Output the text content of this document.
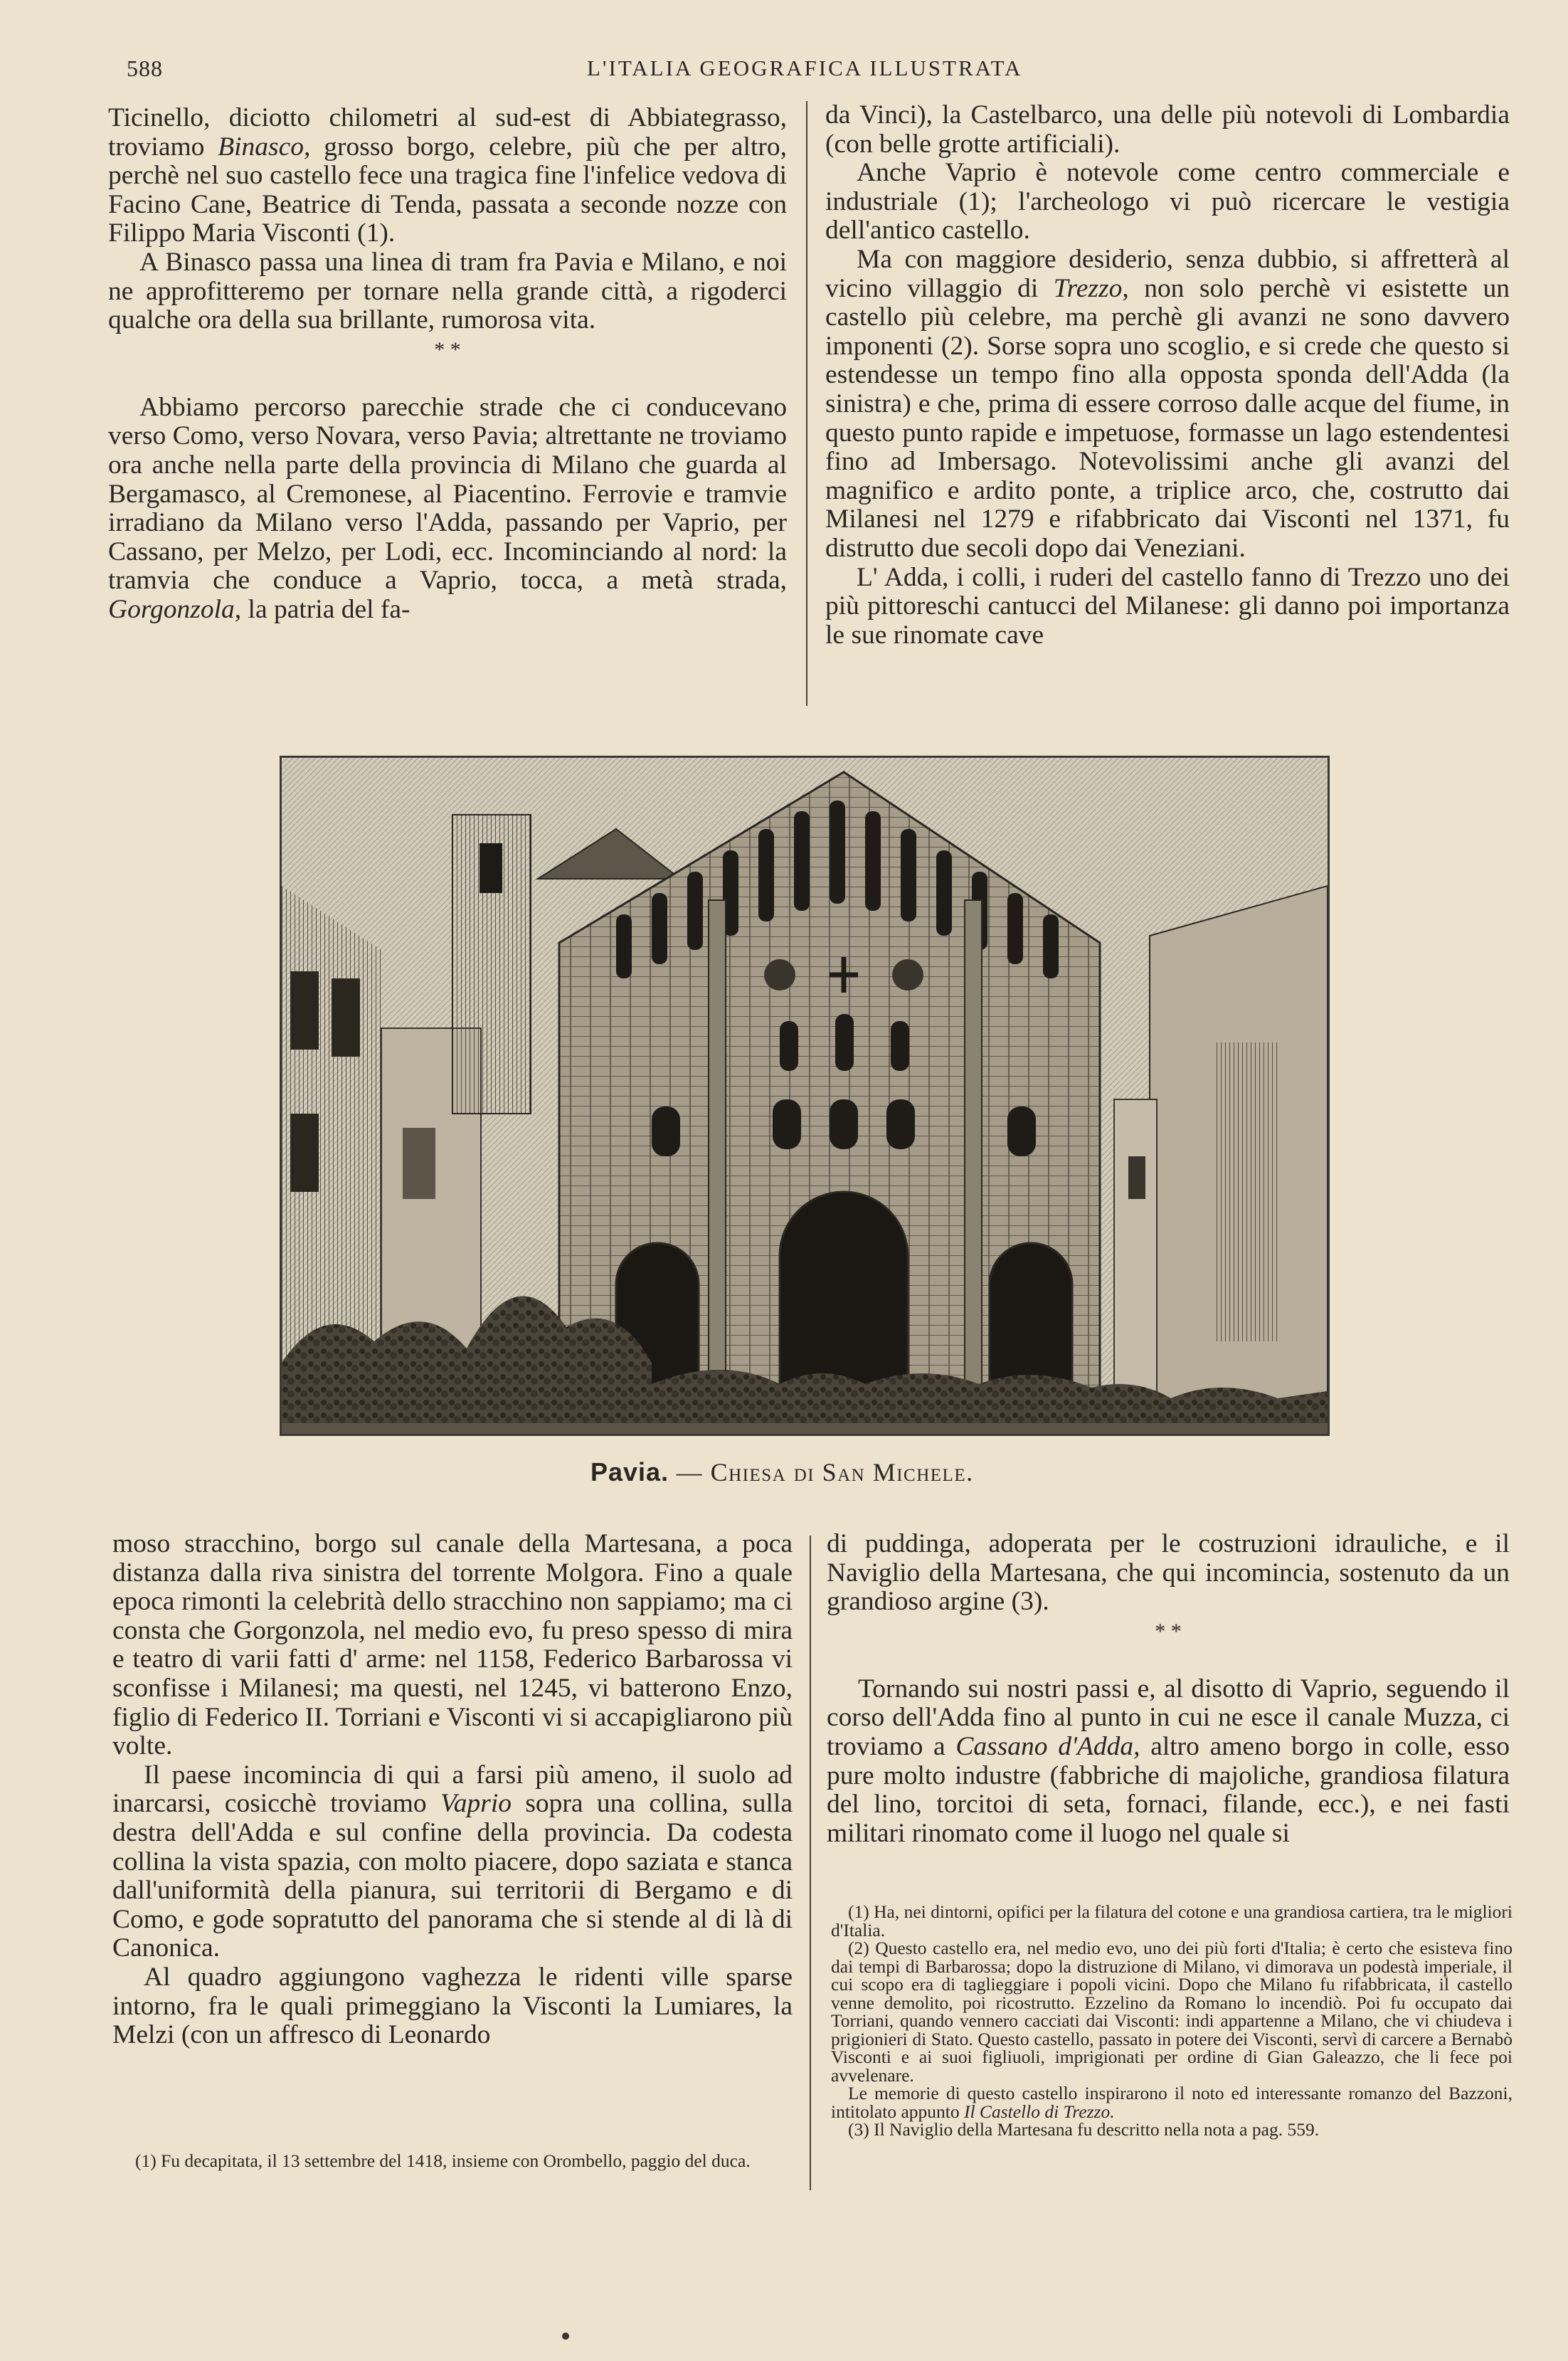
588	L'ITALIA GEOGRAFICA ILLUSTRATA

Ticinello, diciotto chilometri al sud-est di Abbiategrasso, troviamo Binasco, grosso borgo, celebre, più che per altro, perchè nel suo castello fece una tragica fine l'infelice vedova di Facino Cane, Beatrice di Tenda, passata a seconde nozze con Filippo Maria Visconti (1).

A Binasco passa una linea di tram fra Pavia e Milano, e noi ne approfitteremo per tornare nella grande città, a rigoderci qualche ora della sua brillante, rumorosa vita.

* *

Abbiamo percorso parecchie strade che ci conducevano verso Como, verso Novara, verso Pavia; altrettante ne troviamo ora anche nella parte della provincia di Milano che guarda al Bergamasco, al Cremonese, al Piacentino. Ferrovie e tramvie irradiano da Milano verso l'Adda, passando per Vaprio, per Cassano, per Melzo, per Lodi, ecc. Incominciando al nord: la tramvia che conduce a Vaprio, tocca, a metà strada, Gorgonzola, la patria del fa-

da Vinci), la Castelbarco, una delle più notevoli di Lombardia (con belle grotte artificiali).

Anche Vaprio è notevole come centro commerciale e industriale (1); l'archeologo vi può ricercare le vestigia dell'antico castello.

Ma con maggiore desiderio, senza dubbio, si affretterà al vicino villaggio di Trezzo, non solo perchè vi esistette un castello più celebre, ma perchè gli avanzi ne sono davvero imponenti (2). Sorse sopra uno scoglio, e si crede che questo si estendesse un tempo fino alla opposta sponda dell'Adda (la sinistra) e che, prima di essere corroso dalle acque del fiume, in questo punto rapide e impetuose, formasse un lago estendentesi fino ad Imbersago. Notevolissimi anche gli avanzi del magnifico e ardito ponte, a triplice arco, che, costrutto dai Milanesi nel 1279 e rifabbricato dai Visconti nel 1371, fu distrutto due secoli dopo dai Veneziani.

L' Adda, i colli, i ruderi del castello fanno di Trezzo uno dei più pittoreschi cantucci del Milanese: gli danno poi importanza le sue rinomate cave

Pavia. — Chiesa di San Michele.

moso stracchino, borgo sul canale della Martesana, a poca distanza dalla riva sinistra del torrente Molgora. Fino a quale epoca rimonti la celebrità dello stracchino non sappiamo; ma ci consta che Gorgonzola, nel medio evo, fu preso spesso di mira e teatro di varii fatti d' arme: nel 1158, Federico Barbarossa vi sconfisse i Milanesi; ma questi, nel 1245, vi batterono Enzo, figlio di Federico II. Torriani e Visconti vi si accapigliarono più volte.

Il paese incomincia di qui a farsi più ameno, il suolo ad inarcarsi, cosicchè troviamo Vaprio sopra una collina, sulla destra dell'Adda e sul confine della provincia. Da codesta collina la vista spazia, con molto piacere, dopo saziata e stanca dall'uniformità della pianura, sui territorii di Bergamo e di Como, e gode sopratutto del panorama che si stende al di là di Canonica.

Al quadro aggiungono vaghezza le ridenti ville sparse intorno, fra le quali primeggiano la Visconti la Lumiares, la Melzi (con un affresco di Leonardo

di puddinga, adoperata per le costruzioni idrauliche, e il Naviglio della Martesana, che qui incomincia, sostenuto da un grandioso argine (3).

* *

Tornando sui nostri passi e, al disotto di Vaprio, seguendo il corso dell'Adda fino al punto in cui ne esce il canale Muzza, ci troviamo a Cassano d'Adda, altro ameno borgo in colle, esso pure molto industre (fabbriche di majoliche, grandiosa filatura del lino, torcitoi di seta, fornaci, filande, ecc.), e nei fasti militari rinomato come il luogo nel quale si

(1) Fu decapitata, il 13 settembre del 1418, insieme con Orombello, paggio del duca.

(1) Ha, nei dintorni, opifici per la filatura del cotone e una grandiosa cartiera, tra le migliori d'Italia.

(2) Questo castello era, nel medio evo, uno dei più forti d'Italia; è certo che esisteva fino dai tempi di Barbarossa; dopo la distruzione di Milano, vi dimorava un podestà imperiale, il cui scopo era di taglieggiare i popoli vicini. Dopo che Milano fu rifabbricata, il castello venne demolito, poi ricostrutto. Ezzelino da Romano lo incendiò. Poi fu occupato dai Torriani, quando vennero cacciati dai Visconti: indi appartenne a Milano, che vi chiudeva i prigionieri di Stato. Questo castello, passato in potere dei Visconti, servì di carcere a Bernabò Visconti e ai suoi figliuoli, imprigionati per ordine di Gian Galeazzo, che li fece poi avvelenare.

Le memorie di questo castello inspirarono il noto ed interessante romanzo del Bazzoni, intitolato appunto Il Castello di Trezzo.

(3) Il Naviglio della Martesana fu descritto nella nota a pag. 559.
